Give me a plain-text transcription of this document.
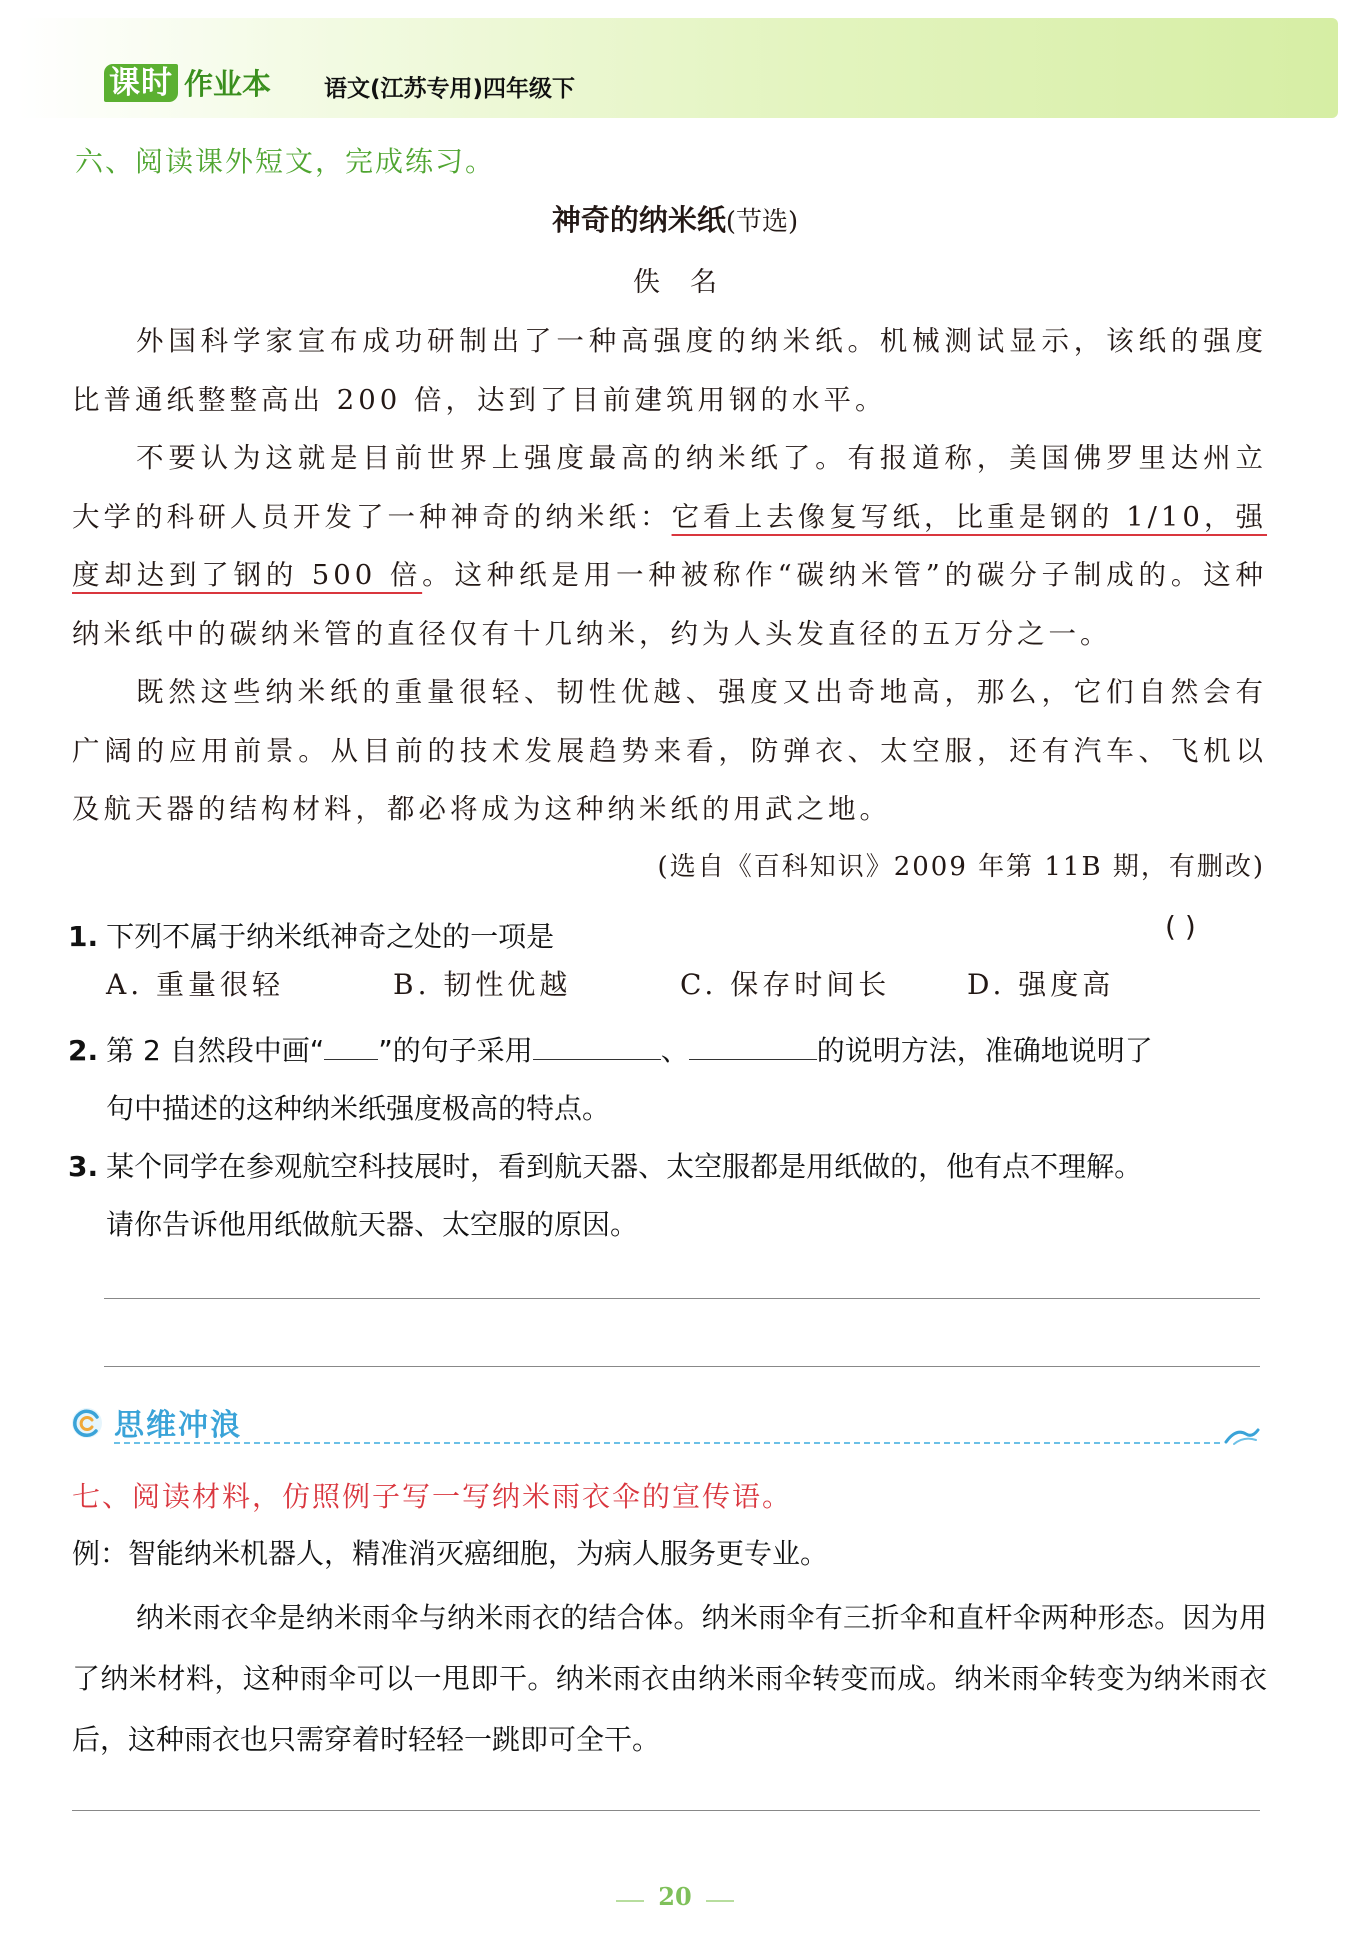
课时 作业本 语文(江苏专用)四年级下

六、阅读课外短文，完成练习。

神奇的纳米纸(节选)

佚名

外国科学家宣布成功研制出了一种高强度的纳米纸。机械测试显示，该纸的强度比普通纸整整高出 200 倍，达到了目前建筑用钢的水平。

不要认为这就是目前世界上强度最高的纳米纸了。有报道称，美国佛罗里达州立大学的科研人员开发了一种神奇的纳米纸：它看上去像复写纸，比重是钢的 1/10，强度却达到了钢的 500 倍。这种纸是用一种被称作“碳纳米管”的碳分子制成的。这种纳米纸中的碳纳米管的直径仅有十几纳米，约为人头发直径的五万分之一。

既然这些纳米纸的重量很轻、韧性优越、强度又出奇地高，那么，它们自然会有广阔的应用前景。从目前的技术发展趋势来看，防弹衣、太空服，还有汽车、飞机以及航天器的结构材料，都必将成为这种纳米纸的用武之地。

(选自《百科知识》2009 年第 11B 期，有删改)

1. 下列不属于纳米纸神奇之处的一项是	( )
A. 重量很轻	B. 韧性优越	C. 保存时间长	D. 强度高
2. 第 2 自然段中画“ ”的句子采用	、	的说明方法，准确地说明了
句中描述的这种纳米纸强度极高的特点。
3. 某个同学在参观航空科技展时，看到航天器、太空服都是用纸做的，他有点不理解。
请你告诉他用纸做航天器、太空服的原因。
思维冲浪

七、阅读材料，仿照例子写一写纳米雨衣伞的宣传语。

例：智能纳米机器人，精准消灭癌细胞，为病人服务更专业。

纳米雨衣伞是纳米雨伞与纳米雨衣的结合体。纳米雨伞有三折伞和直杆伞两种形态。因为用了纳米材料，这种雨伞可以一甩即干。纳米雨衣由纳米雨伞转变而成。纳米雨伞转变为纳米雨衣后，这种雨衣也只需穿着时轻轻一跳即可全干。

20
